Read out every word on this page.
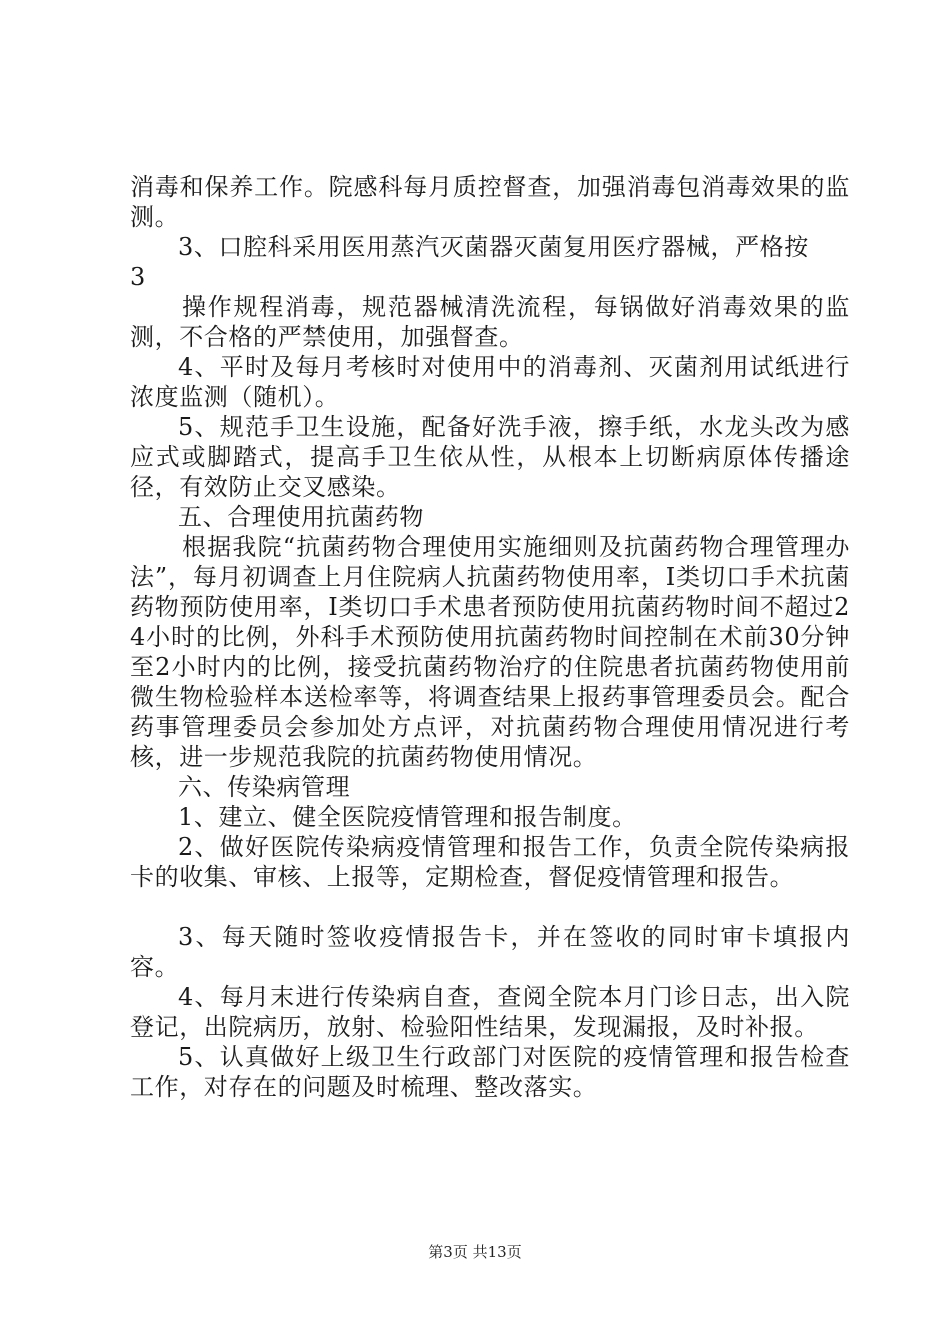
消毒和保养工作。院感科每月质控督查，加强消毒包消毒效果的监测。

3、口腔科采用医用蒸汽灭菌器灭菌复用医疗器械，严格按

3

操作规程消毒，规范器械清洗流程，每锅做好消毒效果的监测，不合格的严禁使用，加强督查。

4、平时及每月考核时对使用中的消毒剂、灭菌剂用试纸进行浓度监测（随机）。

5、规范手卫生设施，配备好洗手液，擦手纸，水龙头改为感应式或脚踏式，提高手卫生依从性，从根本上切断病原体传播途径，有效防止交叉感染。

五、合理使用抗菌药物

根据我院“抗菌药物合理使用实施细则及抗菌药物合理管理办法”，每月初调查上月住院病人抗菌药物使用率，Ⅰ类切口手术抗菌药物预防使用率，Ⅰ类切口手术患者预防使用抗菌药物时间不超过24小时的比例，外科手术预防使用抗菌药物时间控制在术前30分钟至2小时内的比例，接受抗菌药物治疗的住院患者抗菌药物使用前微生物检验样本送检率等，将调查结果上报药事管理委员会。配合药事管理委员会参加处方点评，对抗菌药物合理使用情况进行考核，进一步规范我院的抗菌药物使用情况。

六、传染病管理

1、建立、健全医院疫情管理和报告制度。

2、做好医院传染病疫情管理和报告工作，负责全院传染病报卡的收集、审核、上报等，定期检查，督促疫情管理和报告。

3、每天随时签收疫情报告卡，并在签收的同时审卡填报内容。

4、每月末进行传染病自查，查阅全院本月门诊日志，出入院登记，出院病历，放射、检验阳性结果，发现漏报，及时补报。

5、认真做好上级卫生行政部门对医院的疫情管理和报告检查工作，对存在的问题及时梳理、整改落实。

第3页 共13页
